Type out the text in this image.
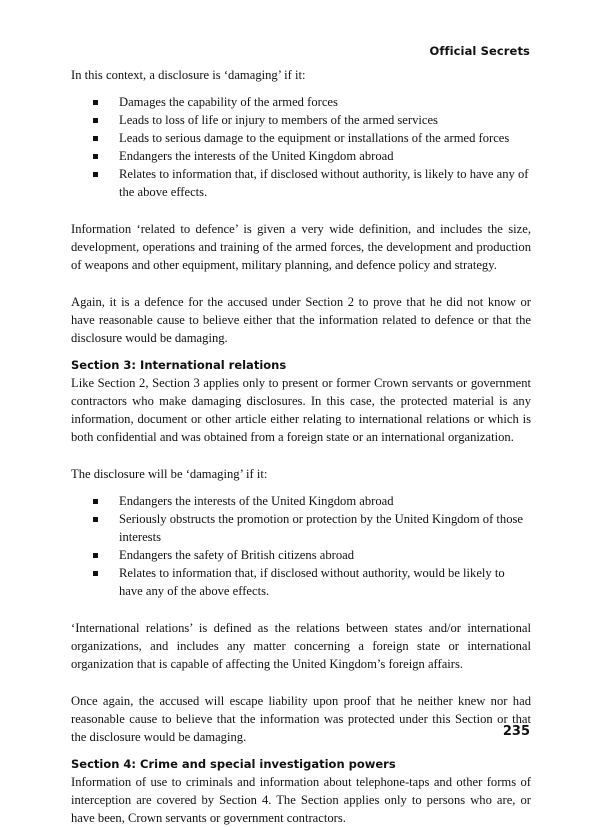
Official Secrets

In this context, a disclosure is ‘damaging’ if it:

Damages the capability of the armed forces
Leads to loss of life or injury to members of the armed services
Leads to serious damage to the equipment or installations of the armed forces
Endangers the interests of the United Kingdom abroad
Relates to information that, if disclosed without authority, is likely to have any of the above effects.

Information ‘related to defence’ is given a very wide definition, and includes the size, development, operations and training of the armed forces, the development and production of weapons and other equipment, military planning, and defence policy and strategy.

Again, it is a defence for the accused under Section 2 to prove that he did not know or have reasonable cause to believe either that the information related to defence or that the disclosure would be damaging.

Section 3: International relations

Like Section 2, Section 3 applies only to present or former Crown servants or government contractors who make damaging disclosures. In this case, the protected material is any information, document or other article either relating to international relations or which is both confidential and was obtained from a foreign state or an international organization.

The disclosure will be ‘damaging’ if it:

Endangers the interests of the United Kingdom abroad
Seriously obstructs the promotion or protection by the United Kingdom of those interests
Endangers the safety of British citizens abroad
Relates to information that, if disclosed without authority, would be likely to have any of the above effects.

‘International relations’ is defined as the relations between states and/or international organizations, and includes any matter concerning a foreign state or international organization that is capable of affecting the United Kingdom’s foreign affairs.

Once again, the accused will escape liability upon proof that he neither knew nor had reasonable cause to believe that the information was protected under this Section or that the disclosure would be damaging.

Section 4: Crime and special investigation powers

Information of use to criminals and information about telephone-taps and other forms of interception are covered by Section 4. The Section applies only to persons who are, or have been, Crown servants or government contractors.

235
